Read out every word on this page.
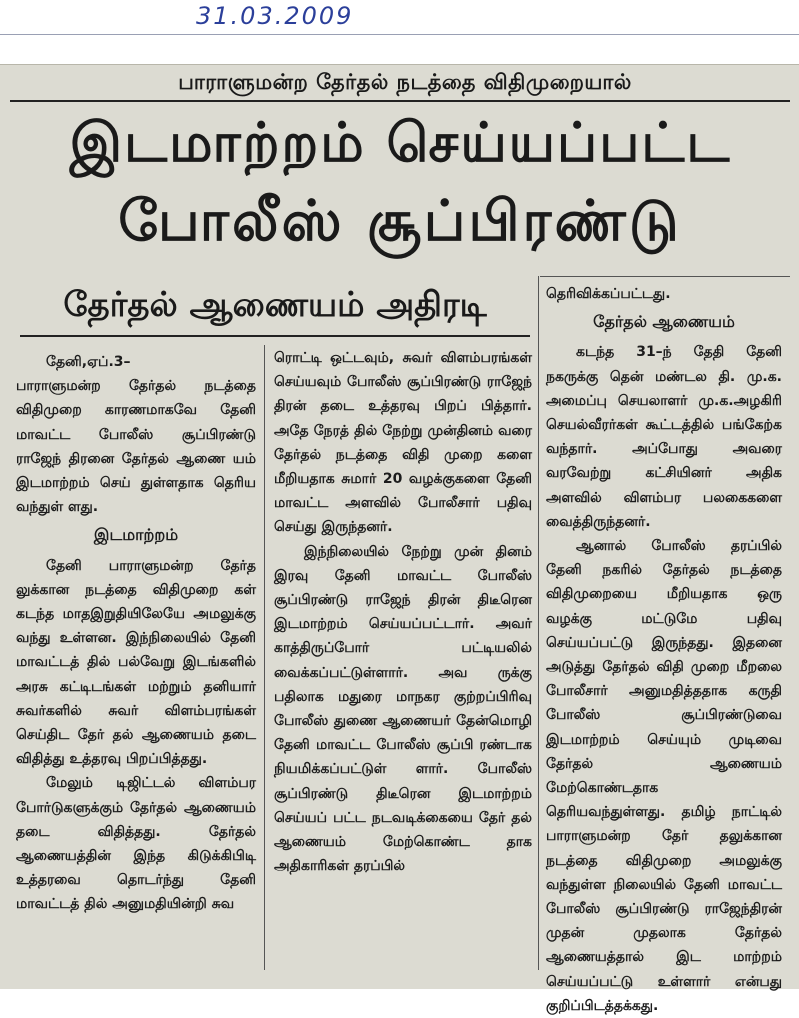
31.03.2009
பாராளுமன்ற தேர்தல் நடத்தை விதிமுறையால்
இடமாற்றம் செய்யப்பட்ட
போலீஸ் சூப்பிரண்டு
தேர்தல் ஆணையம் அதிரடி

தேனி,ஏப்.3–

பாராளுமன்ற தேர்தல் நடத்தை விதிமுறை காரணமாகவே தேனி மாவட்ட போலீஸ் சூப்பிரண்டு ராஜேந் திரனை தேர்தல் ஆணை யம் இடமாற்றம் செய் துள்ளதாக தெரிய வந்துள் ளது.

இடமாற்றம்

தேனி பாராளுமன்ற தேர்த லுக்கான நடத்தை விதிமுறை கள் கடந்த மாதஇறுதியிலேயே அமலுக்கு வந்து உள்ளன. இந்நிலையில் தேனி மாவட்டத் தில் பல்வேறு இடங்களில் அரசு கட்டிடங்கள் மற்றும் தனியார் சுவர்களில் சுவர் விளம்பரங்கள் செய்திட தேர் தல் ஆணையம் தடை விதித்து உத்தரவு பிறப்பித்தது.

மேலும் டிஜிட்டல் விளம்பர போர்டுகளுக்கும் தேர்தல் ஆணையம் தடை விதித்தது. தேர்தல் ஆணையத்தின் இந்த கிடுக்கிபிடி உத்தரவை தொடர்ந்து தேனி மாவட்டத் தில் அனுமதியின்றி சுவ

ரொட்டி ஒட்டவும், சுவர் விளம்பரங்கள் செய்யவும் போலீஸ் சூப்பிரண்டு ராஜேந் திரன் தடை உத்தரவு பிறப் பித்தார். அதே நேரத் தில் நேற்று முன்தினம் வரை தேர்தல் நடத்தை விதி முறை களை மீறியதாக சுமார் 20 வழக்குகளை தேனி மாவட்ட அளவில் போலீசார் பதிவு செய்து இருந்தனர்.

இந்நிலையில் நேற்று முன் தினம் இரவு தேனி மாவட்ட போலீஸ் சூப்பிரண்டு ராஜேந் திரன் திடீரென இடமாற்றம் செய்யப்பட்டார். அவர் காத்திருப்போர் பட்டியலில் வைக்கப்பட்டுள்ளார். அவ ருக்கு பதிலாக மதுரை மாநகர குற்றப்பிரிவு போலீஸ் துணை ஆணையர் தேன்மொழி தேனி மாவட்ட போலீஸ் சூப்பி ரண்டாக நியமிக்கப்பட்டுள் ளார். போலீஸ் சூப்பிரண்டு திடீரென இடமாற்றம் செய்யப் பட்ட நடவடிக்கையை தேர் தல் ஆணையம் மேற்கொண்ட தாக அதிகாரிகள் தரப்பில்

தெரிவிக்கப்பட்டது.

தேர்தல் ஆணையம்

கடந்த 31–ந் தேதி தேனி நகருக்கு தென் மண்டல தி. மு.க. அமைப்பு செயலாளர் மு.க.அழகிரி செயல்வீரர்கள் கூட்டத்தில் பங்கேற்க வந்தார். அப்போது அவரை வரவேற்று கட்சியினர் அதிக அளவில் விளம்பர பலகைகளை வைத்திருந்தனர்.

ஆனால் போலீஸ் தரப்பில் தேனி நகரில் தேர்தல் நடத்தை விதிமுறையை மீறியதாக ஒரு வழக்கு மட்டுமே பதிவு செய்யப்பட்டு இருந்தது. இதனை அடுத்து தேர்தல் விதி முறை மீறலை போலீசார் அனுமதித்ததாக கருதி போலீஸ் சூப்பிரண்டுவை இடமாற்றம் செய்யும் முடிவை தேர்தல் ஆணையம் மேற்கொண்டதாக தெரியவந்துள்ளது. தமிழ் நாட்டில் பாராளுமன்ற தேர் தலுக்கான நடத்தை விதிமுறை அமலுக்கு வந்துள்ள நிலையில் தேனி மாவட்ட போலீஸ் சூப்பிரண்டு ராஜேந்திரன் முதன் முதலாக தேர்தல் ஆணையத்தால் இட மாற்றம் செய்யப்பட்டு உள்ளார் என்பது குறிப்பிடத்தக்கது.
